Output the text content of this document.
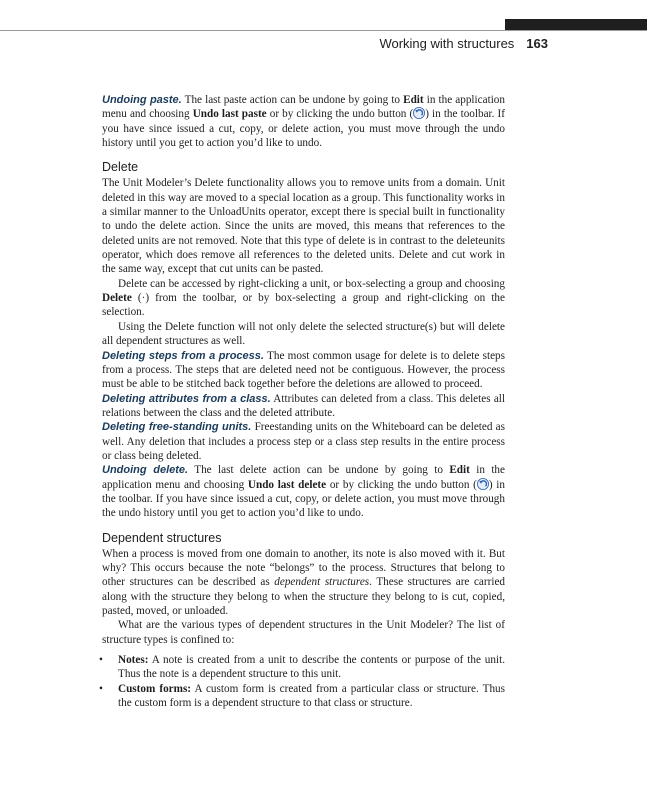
Working with structures 163

Undoing paste. The last paste action can be undone by going to Edit in the application menu and choosing Undo last paste or by clicking the undo button ( ) in the toolbar. If you have since issued a cut, copy, or delete action, you must move through the undo history until you get to action you’d like to undo.

Delete

The Unit Modeler’s Delete functionality allows you to remove units from a domain. Unit deleted in this way are moved to a special location as a group. This functionality works in a similar manner to the UnloadUnits operator, except there is special built in functionality to undo the delete action. Since the units are moved, this means that references to the deleted units are not removed. Note that this type of delete is in contrast to the deleteunits operator, which does remove all references to the deleted units. Delete and cut work in the same way, except that cut units can be pasted.

Delete can be accessed by right-clicking a unit, or box-selecting a group and choosing Delete (·) from the toolbar, or by box-selecting a group and right-clicking on the selection.

Using the Delete function will not only delete the selected structure(s) but will delete all dependent structures as well.

Deleting steps from a process. The most common usage for delete is to delete steps from a process. The steps that are deleted need not be contiguous. However, the process must be able to be stitched back together before the deletions are allowed to proceed.

Deleting attributes from a class. Attributes can deleted from a class. This deletes all relations between the class and the deleted attribute.

Deleting free-standing units. Freestanding units on the Whiteboard can be deleted as well. Any deletion that includes a process step or a class step results in the entire process or class being deleted.

Undoing delete. The last delete action can be undone by going to Edit in the application menu and choosing Undo last delete or by clicking the undo button ( ) in the toolbar. If you have since issued a cut, copy, or delete action, you must move through the undo history until you get to action you’d like to undo.

Dependent structures

When a process is moved from one domain to another, its note is also moved with it. But why? This occurs because the note “belongs” to the process. Structures that belong to other structures can be described as dependent structures. These structures are carried along with the structure they belong to when the structure they belong to is cut, copied, pasted, moved, or unloaded.

What are the various types of dependent structures in the Unit Modeler? The list of structure types is confined to:

• Notes: A note is created from a unit to describe the contents or purpose of the unit. Thus the note is a dependent structure to this unit.
• Custom forms: A custom form is created from a particular class or structure. Thus the custom form is a dependent structure to that class or structure.
